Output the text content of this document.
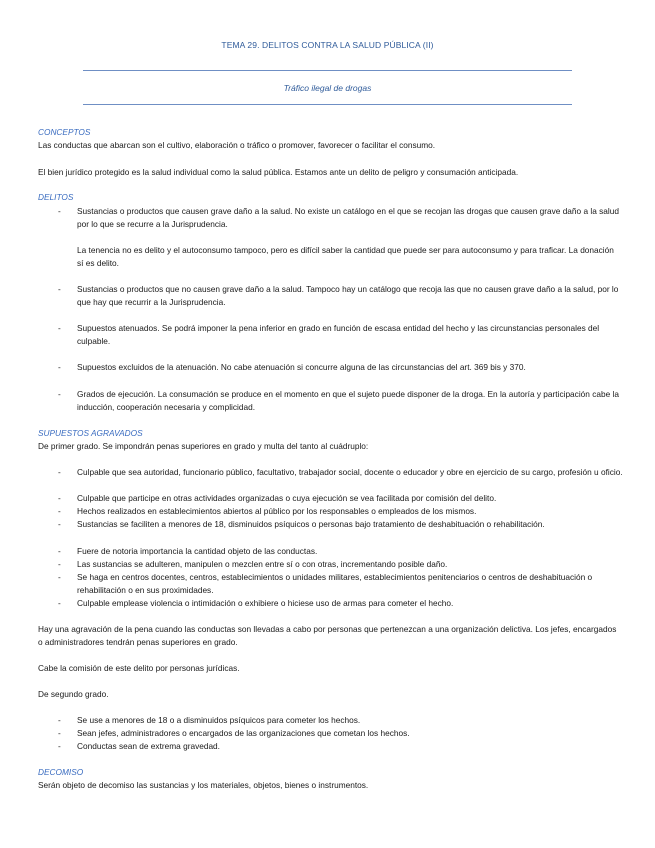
TEMA 29. DELITOS CONTRA LA SALUD PÚBLICA (II)
Tráfico ilegal de drogas
CONCEPTOS
Las conductas que abarcan son el cultivo, elaboración o tráfico o promover, favorecer o facilitar el consumo.
El bien jurídico protegido es la salud individual como la salud pública. Estamos ante un delito de peligro y consumación anticipada.
DELITOS
- Sustancias o productos que causen grave daño a la salud. No existe un catálogo en el que se recojan las drogas que causen grave daño a la salud por lo que se recurre a la Jurisprudencia.
La tenencia no es delito y el autoconsumo tampoco, pero es difícil saber la cantidad que puede ser para autoconsumo y para traficar. La donación sí es delito.
- Sustancias o productos que no causen grave daño a la salud. Tampoco hay un catálogo que recoja las que no causen grave daño a la salud, por lo que hay que recurrir a la Jurisprudencia.
- Supuestos atenuados. Se podrá imponer la pena inferior en grado en función de escasa entidad del hecho y las circunstancias personales del culpable.
- Supuestos excluidos de la atenuación. No cabe atenuación si concurre alguna de las circunstancias del art. 369 bis y 370.
- Grados de ejecución. La consumación se produce en el momento en que el sujeto puede disponer de la droga. En la autoría y participación cabe la inducción, cooperación necesaria y complicidad.
SUPUESTOS AGRAVADOS
De primer grado. Se impondrán penas superiores en grado y multa del tanto al cuádruplo:
- Culpable que sea autoridad, funcionario público, facultativo, trabajador social, docente o educador y obre en ejercicio de su cargo, profesión u oficio.
- Culpable que participe en otras actividades organizadas o cuya ejecución se vea facilitada por comisión del delito.
- Hechos realizados en establecimientos abiertos al público por los responsables o empleados de los mismos.
- Sustancias se faciliten a menores de 18, disminuidos psíquicos o personas bajo tratamiento de deshabituación o rehabilitación.
- Fuere de notoria importancia la cantidad objeto de las conductas.
- Las sustancias se adulteren, manipulen o mezclen entre sí o con otras, incrementando posible daño.
- Se haga en centros docentes, centros, establecimientos o unidades militares, establecimientos penitenciarios o centros de deshabituación o rehabilitación o en sus proximidades.
- Culpable emplease violencia o intimidación o exhibiere o hiciese uso de armas para cometer el hecho.
Hay una agravación de la pena cuando las conductas son llevadas a cabo por personas que pertenezcan a una organización delictiva. Los jefes, encargados o administradores tendrán penas superiores en grado.
Cabe la comisión de este delito por personas jurídicas.
De segundo grado.
- Se use a menores de 18 o a disminuidos psíquicos para cometer los hechos.
- Sean jefes, administradores o encargados de las organizaciones que cometan los hechos.
- Conductas sean de extrema gravedad.
DECOMISO
Serán objeto de decomiso las sustancias y los materiales, objetos, bienes o instrumentos.
